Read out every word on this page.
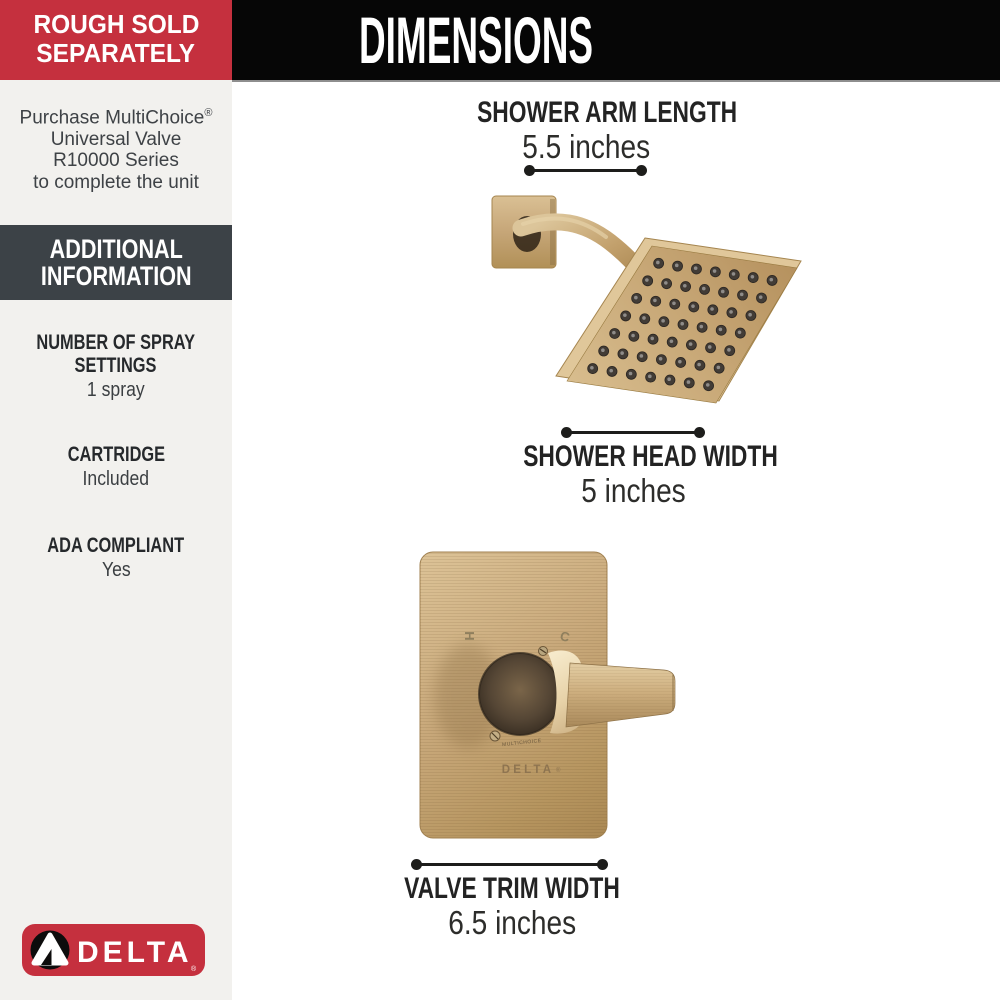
ROUGH SOLD
SEPARATELY
Purchase MultiChoice®
Universal Valve
R10000 Series
to complete the unit
ADDITIONAL
INFORMATION
NUMBER OF SPRAY
SETTINGS
1 spray
CARTRIDGE
Included
ADA COMPLIANT
Yes
DELTA
®
DIMENSIONS
SHOWER ARM LENGTH
5.5 inches
SHOWER HEAD WIDTH
5 inches
H	C
MULTICHOICE
DELTA ®
VALVE TRIM WIDTH
6.5 inches
